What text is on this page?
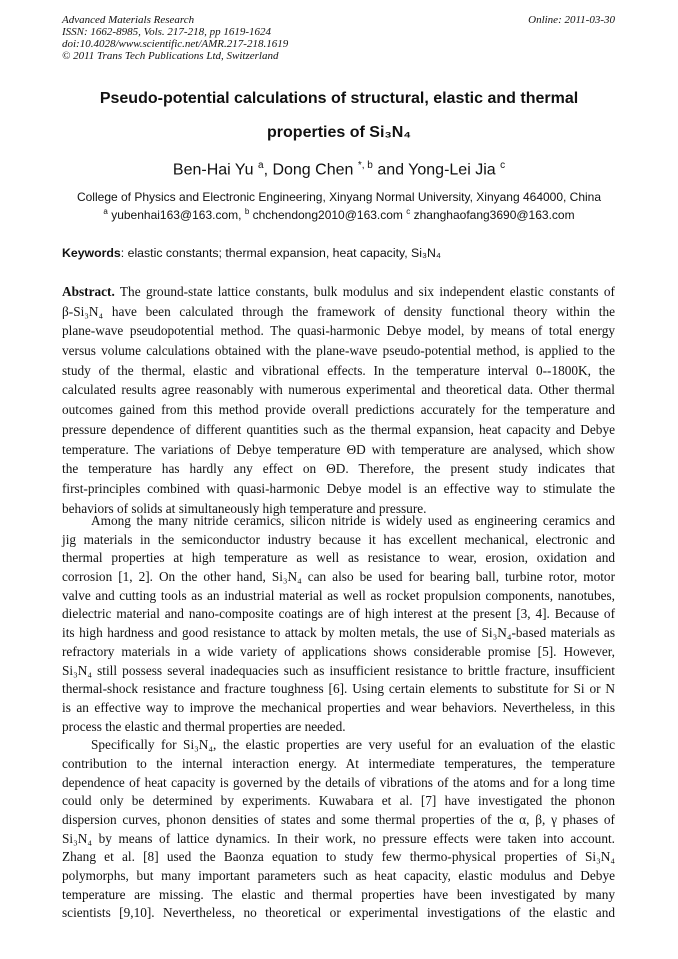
Advanced Materials Research
ISSN: 1662-8985, Vols. 217-218, pp 1619-1624
doi:10.4028/www.scientific.net/AMR.217-218.1619
© 2011 Trans Tech Publications Ltd, Switzerland
Online: 2011-03-30
Pseudo-potential calculations of structural, elastic and thermal
properties of Si₃N₄
Ben-Hai Yu $^a$, Dong Chen $^{*, b}$ and Yong-Lei Jia $^c$
College of Physics and Electronic Engineering, Xinyang Normal University, Xinyang 464000, China
$^a$ yubenhai163@163.com, $^b$ chchendong2010@163.com $^c$ zhanghaofang3690@163.com
Keywords: elastic constants; thermal expansion, heat capacity, Si₃N₄
Abstract. The ground-state lattice constants, bulk modulus and six independent elastic constants of
β-Si₃N₄ have been calculated through the framework of density functional theory within the
plane-wave pseudopotential method. The quasi-harmonic Debye model, by means of total energy
versus volume calculations obtained with the plane-wave pseudo-potential method, is applied to the
study of the thermal, elastic and vibrational effects. In the temperature interval 0--1800K, the
calculated results agree reasonably with numerous experimental and theoretical data. Other thermal
outcomes gained from this method provide overall predictions accurately for the temperature and
pressure dependence of different quantities such as the thermal expansion, heat capacity and Debye
temperature. The variations of Debye temperature ΘD with temperature are analysed, which show
the temperature has hardly any effect on ΘD. Therefore, the present study indicates that
first-principles combined with quasi-harmonic Debye model is an effective way to stimulate the
behaviors of solids at simultaneously high temperature and pressure.
Among the many nitride ceramics, silicon nitride is widely used as engineering ceramics and
jig materials in the semiconductor industry because it has excellent mechanical, electronic and
thermal properties at high temperature as well as resistance to wear, erosion, oxidation and
corrosion [1, 2]. On the other hand, Si₃N₄ can also be used for bearing ball, turbine rotor, motor
valve and cutting tools as an industrial material as well as rocket propulsion components, nanotubes,
dielectric material and nano-composite coatings are of high interest at the present [3, 4]. Because of
its high hardness and good resistance to attack by molten metals, the use of Si₃N₄-based materials as
refractory materials in a wide variety of applications shows considerable promise [5]. However,
Si₃N₄ still possess several inadequacies such as insufficient resistance to brittle fracture, insufficient
thermal-shock resistance and fracture toughness [6]. Using certain elements to substitute for Si or N
is an effective way to improve the mechanical properties and wear behaviors. Nevertheless, in this
process the elastic and thermal properties are needed.
Specifically for Si₃N₄, the elastic properties are very useful for an evaluation of the elastic
contribution to the internal interaction energy. At intermediate temperatures, the temperature
dependence of heat capacity is governed by the details of vibrations of the atoms and for a long time
could only be determined by experiments. Kuwabara et al. [7] have investigated the phonon
dispersion curves, phonon densities of states and some thermal properties of the α, β, γ phases of
Si₃N₄ by means of lattice dynamics. In their work, no pressure effects were taken into account.
Zhang et al. [8] used the Baonza equation to study few thermo-physical properties of Si₃N₄
polymorphs, but many important parameters such as heat capacity, elastic modulus and Debye
temperature are missing. The elastic and thermal properties have been investigated by many
scientists [9,10]. Nevertheless, no theoretical or experimental investigations of the elastic and
